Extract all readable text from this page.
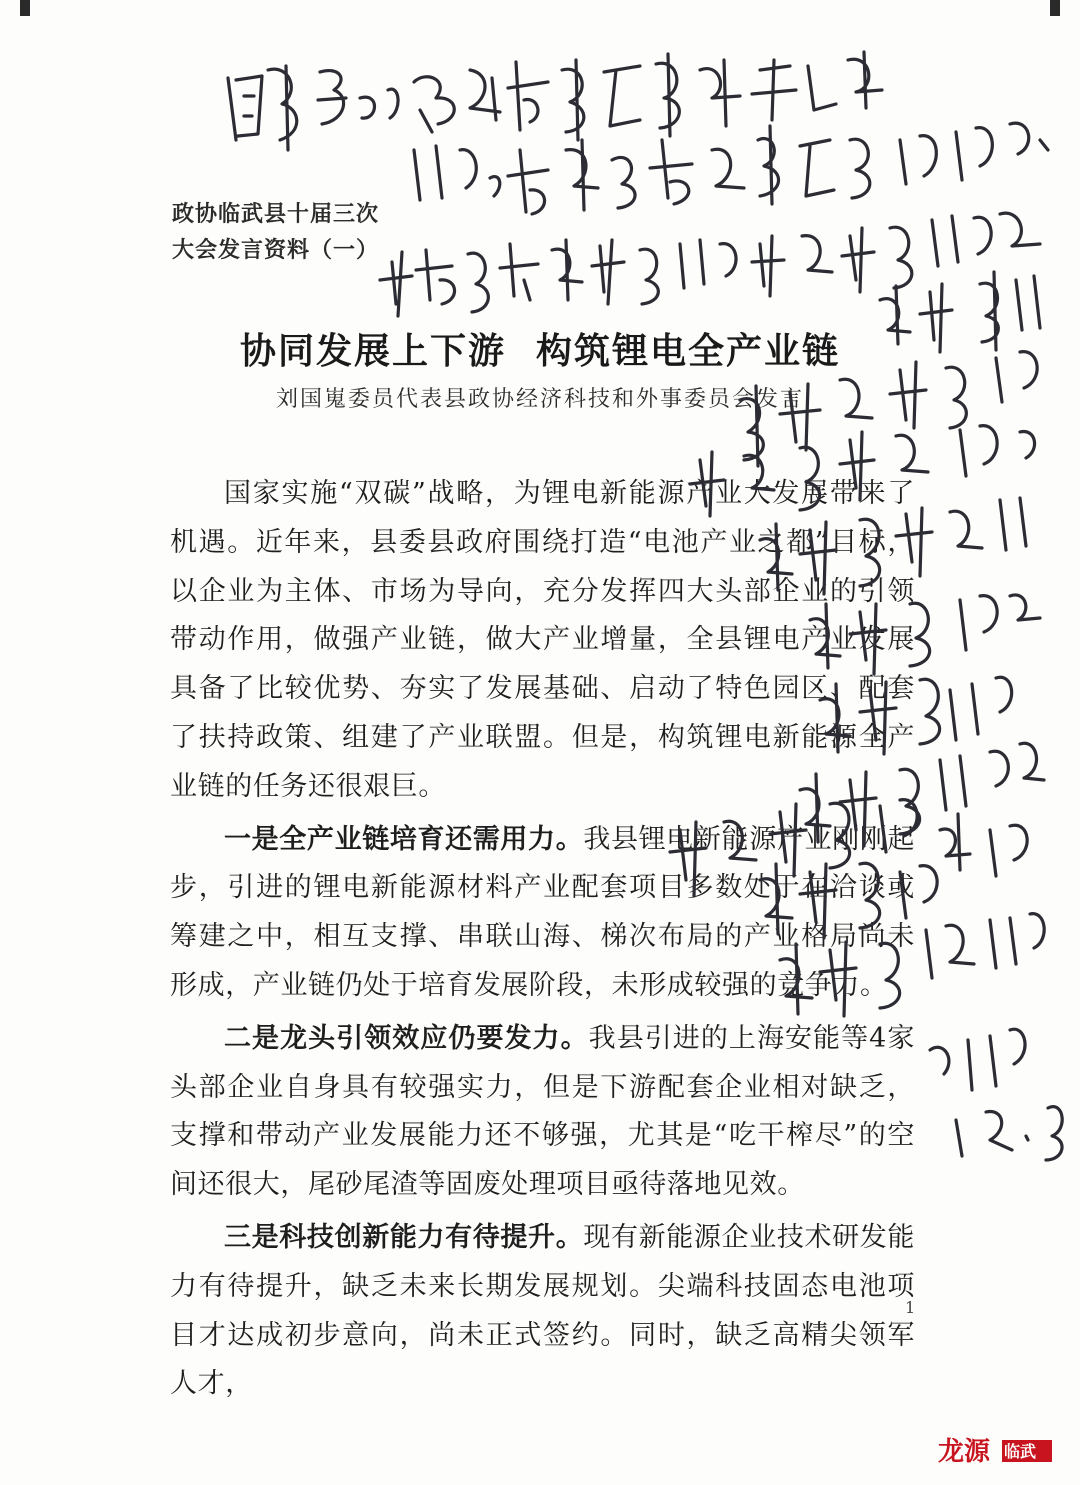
政协临武县十届三次
大会发言资料（一）
协同发展上下游 构筑锂电全产业链
刘国嵬委员代表县政协经济科技和外事委员会发言

国家实施“双碳”战略，为锂电新能源产业大发展带来了机遇。近年来，县委县政府围绕打造“电池产业之都”目标，以企业为主体、市场为导向，充分发挥四大头部企业的引领带动作用，做强产业链，做大产业增量，全县锂电产业发展具备了比较优势、夯实了发展基础、启动了特色园区、配套了扶持政策、组建了产业联盟。但是，构筑锂电新能源全产业链的任务还很艰巨。

一是全产业链培育还需用力。我县锂电新能源产业刚刚起步，引进的锂电新能源材料产业配套项目多数处于在洽谈或筹建之中，相互支撑、串联山海、梯次布局的产业格局尚未形成，产业链仍处于培育发展阶段，未形成较强的竞争力。

二是龙头引领效应仍要发力。我县引进的上海安能等4家头部企业自身具有较强实力，但是下游配套企业相对缺乏，支撑和带动产业发展能力还不够强，尤其是“吃干榨尽”的空间还很大，尾砂尾渣等固废处理项目亟待落地见效。

三是科技创新能力有待提升。现有新能源企业技术研发能力有待提升，缺乏未来长期发展规划。尖端科技固态电池项目才达成初步意向，尚未正式签约。同时，缺乏高精尖领军人才，

1
龙源 临武
